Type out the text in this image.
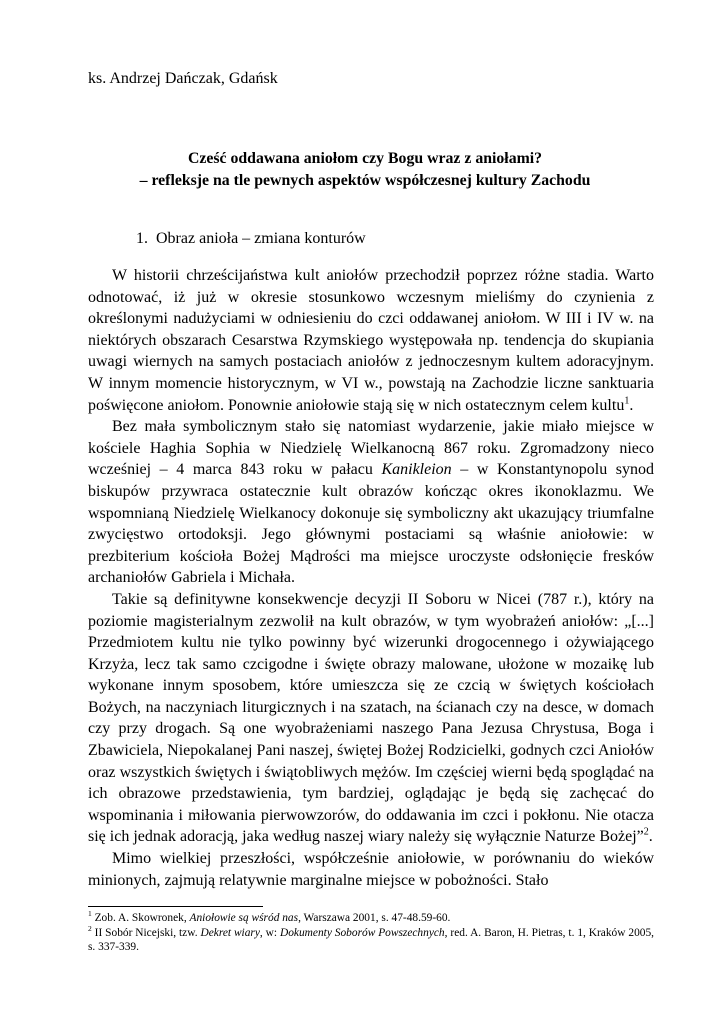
ks. Andrzej Dańczak, Gdańsk
Cześć oddawana aniołom czy Bogu wraz z aniołami?
– refleksje na tle pewnych aspektów współczesnej kultury Zachodu
1. Obraz anioła – zmiana konturów

W historii chrześcijaństwa kult aniołów przechodził poprzez różne stadia. Warto odnotować, iż już w okresie stosunkowo wczesnym mieliśmy do czynienia z określonymi nadużyciami w odniesieniu do czci oddawanej aniołom. W III i IV w. na niektórych obszarach Cesarstwa Rzymskiego występowała np. tendencja do skupiania uwagi wiernych na samych postaciach aniołów z jednoczesnym kultem adoracyjnym. W innym momencie historycznym, w VI w., powstają na Zachodzie liczne sanktuaria poświęcone aniołom. Ponownie aniołowie stają się w nich ostatecznym celem kultu$^1$.

Bez mała symbolicznym stało się natomiast wydarzenie, jakie miało miejsce w kościele Haghia Sophia w Niedzielę Wielkanocną 867 roku. Zgromadzony nieco wcześniej – 4 marca 843 roku w pałacu Kanikleion – w Konstantynopolu synod biskupów przywraca ostatecznie kult obrazów kończąc okres ikonoklazmu. We wspomnianą Niedzielę Wielkanocy dokonuje się symboliczny akt ukazujący triumfalne zwycięstwo ortodoksji. Jego głównymi postaciami są właśnie aniołowie: w prezbiterium kościoła Bożej Mądrości ma miejsce uroczyste odsłonięcie fresków archaniołów Gabriela i Michała.

Takie są definitywne konsekwencje decyzji II Soboru w Nicei (787 r.), który na poziomie magisterialnym zezwolił na kult obrazów, w tym wyobrażeń aniołów: „[...] Przedmiotem kultu nie tylko powinny być wizerunki drogocennego i ożywiającego Krzyża, lecz tak samo czcigodne i święte obrazy malowane, ułożone w mozaikę lub wykonane innym sposobem, które umieszcza się ze czcią w świętych kościołach Bożych, na naczyniach liturgicznych i na szatach, na ścianach czy na desce, w domach czy przy drogach. Są one wyobrażeniami naszego Pana Jezusa Chrystusa, Boga i Zbawiciela, Niepokalanej Pani naszej, świętej Bożej Rodzicielki, godnych czci Aniołów oraz wszystkich świętych i świątobliwych mężów. Im częściej wierni będą spoglądać na ich obrazowe przedstawienia, tym bardziej, oglądając je będą się zachęcać do wspominania i miłowania pierwowzorów, do oddawania im czci i pokłonu. Nie otacza się ich jednak adoracją, jaka według naszej wiary należy się wyłącznie Naturze Bożej”$^2$.

Mimo wielkiej przeszłości, współcześnie aniołowie, w porównaniu do wieków minionych, zajmują relatywnie marginalne miejsce w pobożności. Stało

$^1$ Zob. A. Skowronek, Aniołowie są wśród nas, Warszawa 2001, s. 47-48.59-60.

$^2$ II Sobór Nicejski, tzw. Dekret wiary, w: Dokumenty Soborów Powszechnych, red. A. Baron, H. Pietras, t. 1, Kraków 2005, s. 337-339.
